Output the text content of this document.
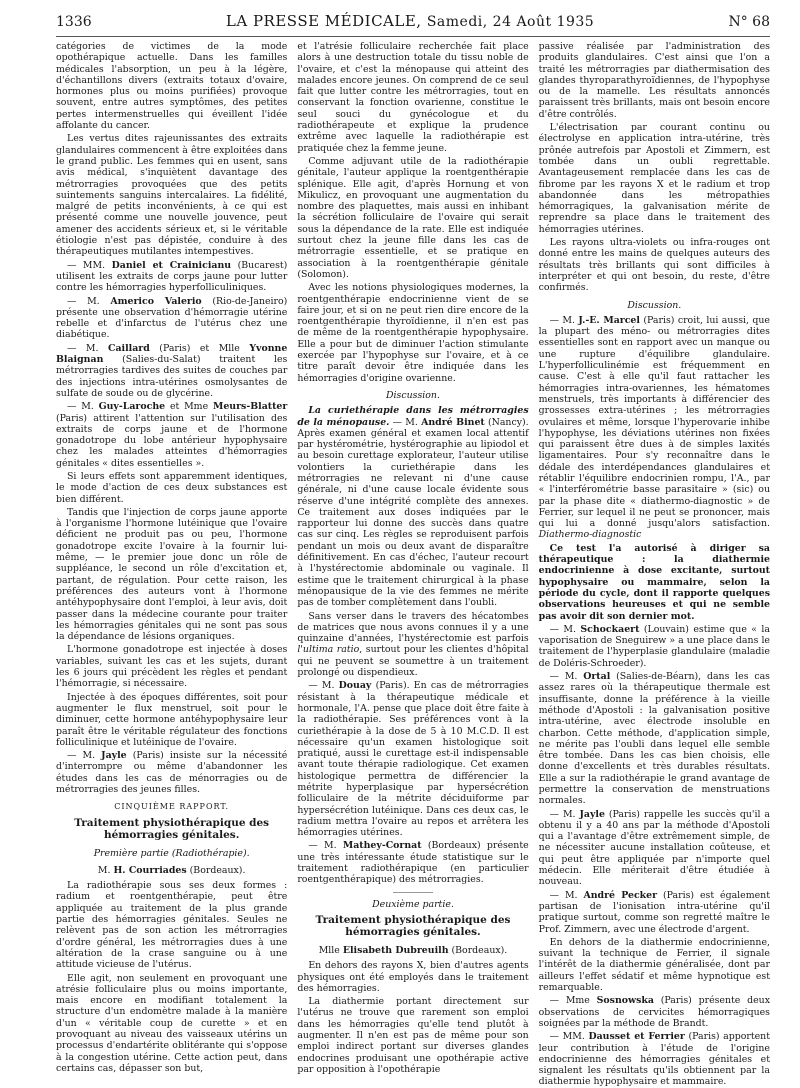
1336	LA PRESSE MÉDICALE, Samedi, 24 Août 1935	N° 68

catégories de victimes de la mode opothérapique actuelle. Dans les familles médicales l'absorption, un peu à la légère, d'échantillons divers (extraits totaux d'ovaire, hormones plus ou moins purifiées) provoque souvent, entre autres symptômes, des petites pertes intermenstruelles qui éveillent l'idée affolante du cancer.

Les vertus dites rajeunissantes des extraits glandulaires commencent à être exploitées dans le grand public. Les femmes qui en usent, sans avis médical, s'inquiètent davantage des métrorragies provoquées que des petits suintements sanguins intercalaires. La fidélité, malgré de petits inconvénients, à ce qui est présenté comme une nouvelle jouvence, peut amener des accidents sérieux et, si le véritable étiologie n'est pas dépistée, conduire à des thérapeutiques mutilantes intempestives.

— MM. Daniel et Crainicianu (Bucarest) utilisent les extraits de corps jaune pour lutter contre les hémorragies hyperfolliculiniques.

— M. Americo Valerio (Rio-de-Janeiro) présente une observation d'hémorragie utérine rebelle et d'infarctus de l'utérus chez une diabétique.

— M. Caillard (Paris) et Mlle Yvonne Blaignan (Salies-du-Salat) traitent les métrorragies tardives des suites de couches par des injections intra-utérines osmolysantes de sulfate de soude ou de glycérine.

— M. Guy-Laroche et Mme Meurs-Blatter (Paris) attirent l'attention sur l'utilisation des extraits de corps jaune et de l'hormone gonadotrope du lobe antérieur hypophysaire chez les malades atteintes d'hémorragies génitales « dites essentielles ».

Si leurs effets sont apparemment identiques, le mode d'action de ces deux substances est bien différent.

Tandis que l'injection de corps jaune apporte à l'organisme l'hormone lutéinique que l'ovaire déficient ne produit pas ou peu, l'hormone gonadotrope excite l'ovaire à la fournir lui-même, — le premier joue donc un rôle de suppléance, le second un rôle d'excitation et, partant, de régulation. Pour cette raison, les préférences des auteurs vont à l'hormone antéhypophysaire dont l'emploi, à leur avis, doit passer dans la médecine courante pour traiter les hémorragies génitales qui ne sont pas sous la dépendance de lésions organiques.

L'hormone gonadotrope est injectée à doses variables, suivant les cas et les sujets, durant les 6 jours qui précèdent les règles et pendant l'hémorragie, si nécessaire.

Injectée à des époques différentes, soit pour augmenter le flux menstruel, soit pour le diminuer, cette hormone antéhypophysaire leur paraît être le véritable régulateur des fonctions folliculinique et lutéinique de l'ovaire.

— M. Jayle (Paris) insiste sur la nécessité d'interrompre ou même d'abandonner les études dans les cas de ménorragies ou de métrorragies des jeunes filles.

CINQUIÈME RAPPORT.

Traitement physiothérapique des hémorragies génitales.

Première partie (Radiothérapie).

M. H. Courriades (Bordeaux).

La radiothérapie sous ses deux formes : radium et roentgenthérapie, peut être appliquée au traitement de la plus grande partie des hémorragies génitales. Seules ne relèvent pas de son action les métrorragies d'ordre général, les métrorragies dues à une altération de la crase sanguine ou à une attitude vicieuse de l'utérus.

Elle agit, non seulement en provoquant une atrésie folliculaire plus ou moins importante, mais encore en modifiant totalement la structure d'un endomètre malade à la manière d'un « véritable coup de curette » et en provoquant au niveau des vaisseaux utérins un processus d'endartérite oblitérante qui s'oppose à la congestion utérine. Cette action peut, dans certains cas, dépasser son but,

et l'atrésie folliculaire recherchée fait place alors à une destruction totale du tissu noble de l'ovaire, et c'est la ménopause qui atteint des malades encore jeunes. On comprend de ce seul fait que lutter contre les métrorragies, tout en conservant la fonction ovarienne, constitue le seul souci du gynécologue et du radiothérapeute et explique la prudence extrême avec laquelle la radiothérapie est pratiquée chez la femme jeune.

Comme adjuvant utile de la radiothérapie génitale, l'auteur applique la roentgenthérapie splénique. Elle agit, d'après Hornung et von Mikulicz, en provoquant une augmentation du nombre des plaquettes, mais aussi en inhibant la sécrétion folliculaire de l'ovaire qui serait sous la dépendance de la rate. Elle est indiquée surtout chez la jeune fille dans les cas de métrorragie essentielle, et se pratique en association à la roentgenthérapie génitale (Solomon).

Avec les notions physiologiques modernes, la roentgenthérapie endocrinienne vient de se faire jour, et si on ne peut rien dire encore de la roentgenthérapie thyroïdienne, il n'en est pas de même de la roentgenthérapie hypophysaire. Elle a pour but de diminuer l'action stimulante exercée par l'hypophyse sur l'ovaire, et à ce titre paraît devoir être indiquée dans les hémorragies d'origine ovarienne.

Discussion.

La curiethérapie dans les métrorragies de la ménopause. — M. André Binet (Nancy). Après examen général et examen local attentif par hystérométrie, hystérographie au lipiodol et au besoin curettage explorateur, l'auteur utilise volontiers la curiethérapie dans les métrorragies ne relevant ni d'une cause générale, ni d'une cause locale évidente sous réserve d'une intégrité complète des annexes. Ce traitement aux doses indiquées par le rapporteur lui donne des succès dans quatre cas sur cinq. Les règles se reproduisent parfois pendant un mois ou deux avant de disparaître définitivement. En cas d'échec, l'auteur recourt à l'hystérectomie abdominale ou vaginale. Il estime que le traitement chirurgical à la phase ménopausique de la vie des femmes ne mérite pas de tomber complètement dans l'oubli.

Sans verser dans le travers des hécatombes de matrices que nous avons connues il y a une quinzaine d'années, l'hystérectomie est parfois l'ultima ratio, surtout pour les clientes d'hôpital qui ne peuvent se soumettre à un traitement prolongé ou dispendieux.

— M. Douay (Paris). En cas de métrorragies résistant à la thérapeutique médicale et hormonale, l'A. pense que place doit être faite à la radiothérapie. Ses préférences vont à la curiethérapie à la dose de 5 à 10 M.C.D. Il est nécessaire qu'un examen histologique soit pratiqué, aussi le curettage est-il indispensable avant toute thérapie radiologique. Cet examen histologique permettra de différencier la métrite hyperplasique par hypersécrétion folliculaire de la métrite déciduiforme par hypersécrétion lutéinique. Dans ces deux cas, le radium mettra l'ovaire au repos et arrêtera les hémorragies utérines.

— M. Mathey-Cornat (Bordeaux) présente une très intéressante étude statistique sur le traitement radiothérapique (en particulier roentgenthérapique) des métrorragies.

Deuxième partie.

Traitement physiothérapique des hémorragies génitales.

Mlle Elisabeth Dubreuilh (Bordeaux).

En dehors des rayons X, bien d'autres agents physiques ont été employés dans le traitement des hémorragies.

La diathermie portant directement sur l'utérus ne trouve que rarement son emploi dans les hémorragies qu'elle tend plutôt à augmenter. Il n'en est pas de même pour son emploi indirect portant sur diverses glandes endocrines produisant une opothérapie active par opposition à l'opothérapie

passive réalisée par l'administration des produits glandulaires. C'est ainsi que l'on a traité les métrorragies par diathermisation des glandes thyroparathyroïdiennes, de l'hypophyse ou de la mamelle. Les résultats annoncés paraissent très brillants, mais ont besoin encore d'être contrôlés.

L'électrisation par courant continu ou électrolyse en application intra-utérine, très prônée autrefois par Apostoli et Zimmern, est tombée dans un oubli regrettable. Avantageusement remplacée dans les cas de fibrome par les rayons X et le radium et trop abandonnée dans les métropathies hémorragiques, la galvanisation mérite de reprendre sa place dans le traitement des hémorragies utérines.

Les rayons ultra-violets ou infra-rouges ont donné entre les mains de quelques auteurs des résultats très brillants qui sont difficiles à interpréter et qui ont besoin, du reste, d'être confirmés.

Discussion.

— M. J.-E. Marcel (Paris) croit, lui aussi, que la plupart des méno- ou métrorragies dites essentielles sont en rapport avec un manque ou une rupture d'équilibre glandulaire. L'hyperfolliculinémie est fréquemment en cause. C'est à elle qu'il faut rattacher les hémorragies intra-ovariennes, les hématomes menstruels, très importants à différencier des grossesses extra-utérines ; les métrorragies ovulaires et même, lorsque l'hyperovarie inhibe l'hypophyse, les déviations utérines non fixées qui paraissent être dues à de simples laxités ligamentaires. Pour s'y reconnaître dans le dédale des interdépendances glandulaires et rétablir l'équilibre endocrinien rompu, l'A., par « l'interférométrie basse parasitaire » (sic) ou par la phase dite « diathermo-diagnostic » de Ferrier, sur lequel il ne peut se prononcer, mais qui lui a donné jusqu'alors satisfaction. Diathermo-diagnostic

Ce test l'a autorisé à diriger sa thérapeutique : la diathermie endocrinienne à dose excitante, surtout hypophysaire ou mammaire, selon la période du cycle, dont il rapporte quelques observations heureuses et qui ne semble pas avoir dit son dernier mot.

— M. Schockaert (Louvain) estime que « la vaporisation de Sneguirew » a une place dans le traitement de l'hyperplasie glandulaire (maladie de Doléris-Schroeder).

— M. Ortal (Salies-de-Béarn), dans les cas assez rares où la thérapeutique thermale est insuffisante, donne la préférence à la vieille méthode d'Apostoli : la galvanisation positive intra-utérine, avec électrode insoluble en charbon. Cette méthode, d'application simple, ne mérite pas l'oubli dans lequel elle semble être tombée. Dans les cas bien choisis, elle donne d'excellents et très durables résultats. Elle a sur la radiothérapie le grand avantage de permettre la conservation de menstruations normales.

— M. Jayle (Paris) rappelle les succès qu'il a obtenu il y a 40 ans par la méthode d'Apostoli qui a l'avantage d'être extrêmement simple, de ne nécessiter aucune installation coûteuse, et qui peut être appliquée par n'importe quel médecin. Elle mériterait d'être étudiée à nouveau.

— M. André Pecker (Paris) est également partisan de l'ionisation intra-utérine qu'il pratique surtout, comme son regretté maître le Prof. Zimmern, avec une électrode d'argent.

En dehors de la diathermie endocrinienne, suivant la technique de Ferrier, il signale l'intérêt de la diathermie généralisée, dont par ailleurs l'effet sédatif et même hypnotique est remarquable.

— Mme Sosnowska (Paris) présente deux observations de cervicites hémorragiques soignées par la méthode de Brandt.

— MM. Dausset et Ferrier (Paris) apportent leur contribution à l'étude de l'origine endocrinienne des hémorragies génitales et signalent les résultats qu'ils obtiennent par la diathermie hypophysaire et mammaire.
